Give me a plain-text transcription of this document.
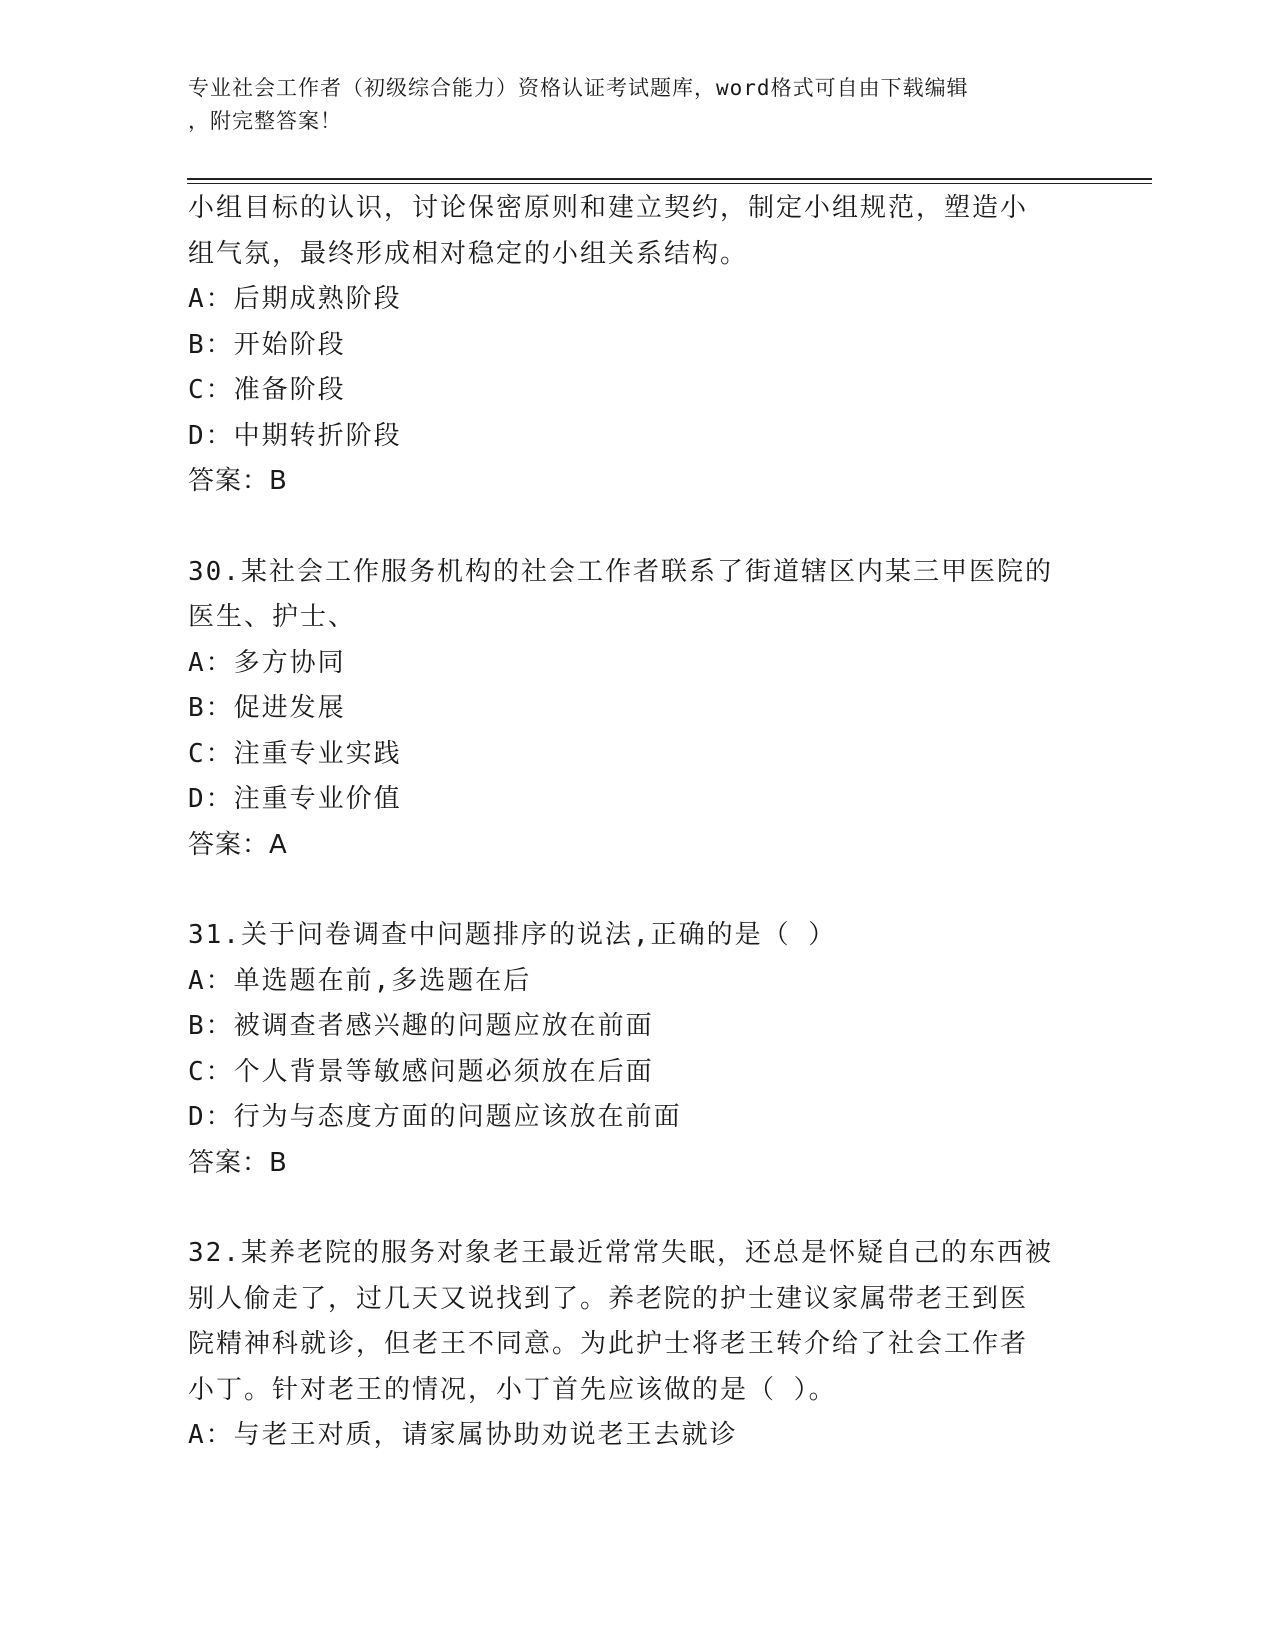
专业社会工作者（初级综合能力）资格认证考试题库，word格式可自由下载编辑
，附完整答案！
小组目标的认识，讨论保密原则和建立契约，制定小组规范，塑造小
组气氛，最终形成相对稳定的小组关系结构。
A：后期成熟阶段
B：开始阶段
C：准备阶段
D：中期转折阶段
答案：B
30.某社会工作服务机构的社会工作者联系了街道辖区内某三甲医院的
医生、护士、
A：多方协同
B：促进发展
C：注重专业实践
D：注重专业价值
答案：A
31.关于问卷调查中问题排序的说法,正确的是（ ）
A：单选题在前,多选题在后
B：被调查者感兴趣的问题应放在前面
C：个人背景等敏感问题必须放在后面
D：行为与态度方面的问题应该放在前面
答案：B
32.某养老院的服务对象老王最近常常失眠，还总是怀疑自己的东西被
别人偷走了，过几天又说找到了。养老院的护士建议家属带老王到医
院精神科就诊，但老王不同意。为此护士将老王转介给了社会工作者
小丁。针对老王的情况，小丁首先应该做的是（ ）。
A：与老王对质，请家属协助劝说老王去就诊
